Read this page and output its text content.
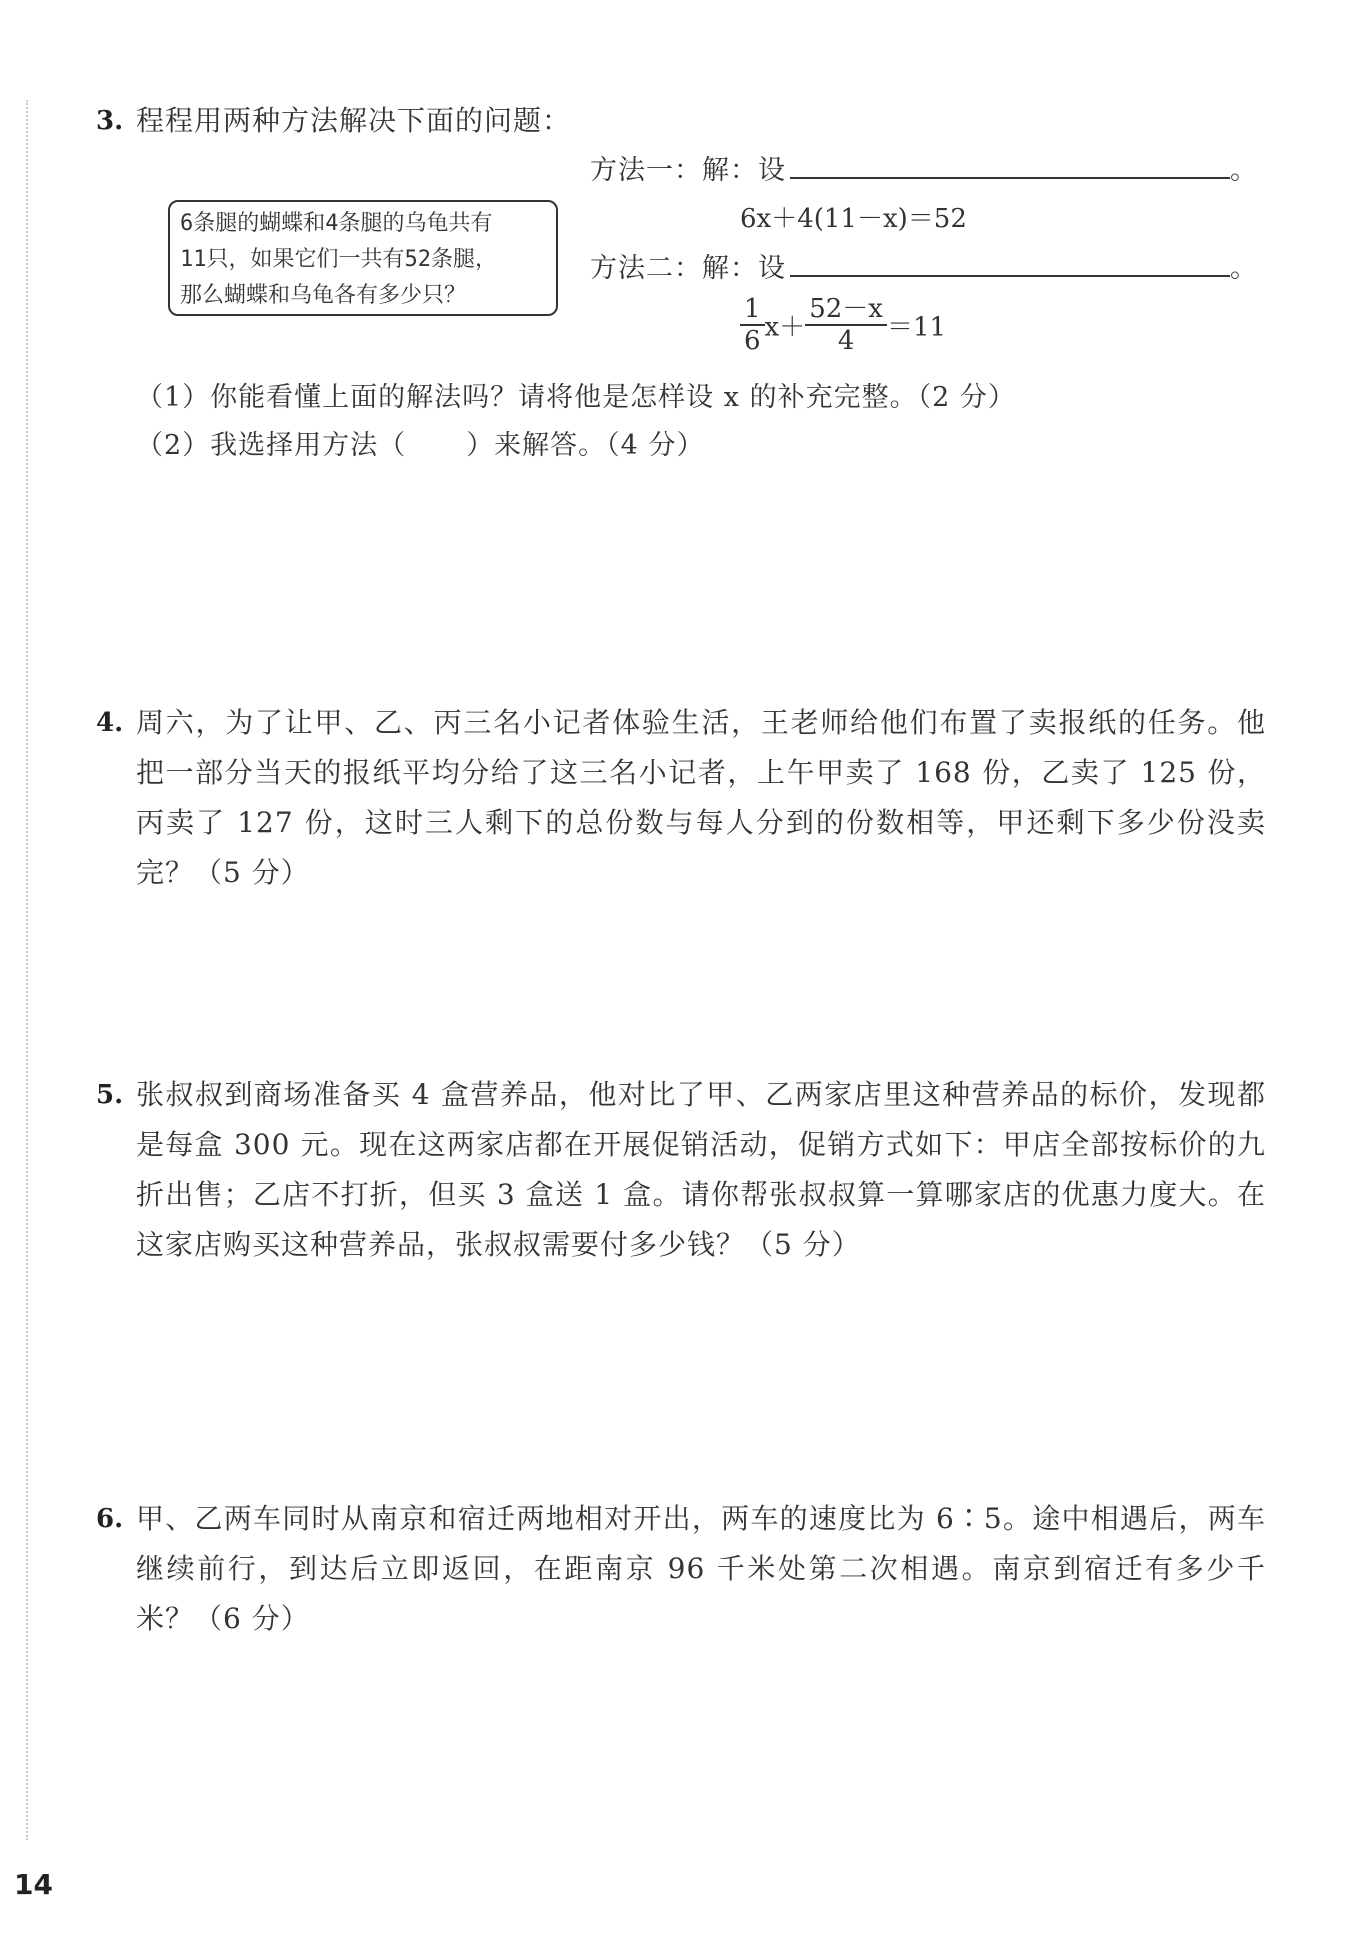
3. 程程用两种方法解决下面的问题：
方法一：解：设	。
6条腿的蝴蝶和4条腿的乌龟共有
11只，如果它们一共有52条腿，
那么蝴蝶和乌龟各有多少只？
6x＋4(11－x)＝52
方法二：解：设	。
$\frac{1}{6} x+ \frac{52-x}{4} =11$
（1）你能看懂上面的解法吗？请将他是怎样设 x 的补充完整。（2 分）
（2）我选择用方法（ ）来解答。（4 分）
4. 周六，为了让甲、乙、丙三名小记者体验生活，王老师给他们布置了卖报纸的任务。他把一部分当天的报纸平均分给了这三名小记者，上午甲卖了 168 份，乙卖了 125 份，丙卖了 127 份，这时三人剩下的总份数与每人分到的份数相等，甲还剩下多少份没卖完？（5 分）
5. 张叔叔到商场准备买 4 盒营养品，他对比了甲、乙两家店里这种营养品的标价，发现都是每盒 300 元。现在这两家店都在开展促销活动，促销方式如下：甲店全部按标价的九折出售；乙店不打折，但买 3 盒送 1 盒。请你帮张叔叔算一算哪家店的优惠力度大。在这家店购买这种营养品，张叔叔需要付多少钱？（5 分）
6. 甲、乙两车同时从南京和宿迁两地相对开出，两车的速度比为 6∶5。途中相遇后，两车继续前行，到达后立即返回，在距南京 96 千米处第二次相遇。南京到宿迁有多少千米？（6 分）
14
